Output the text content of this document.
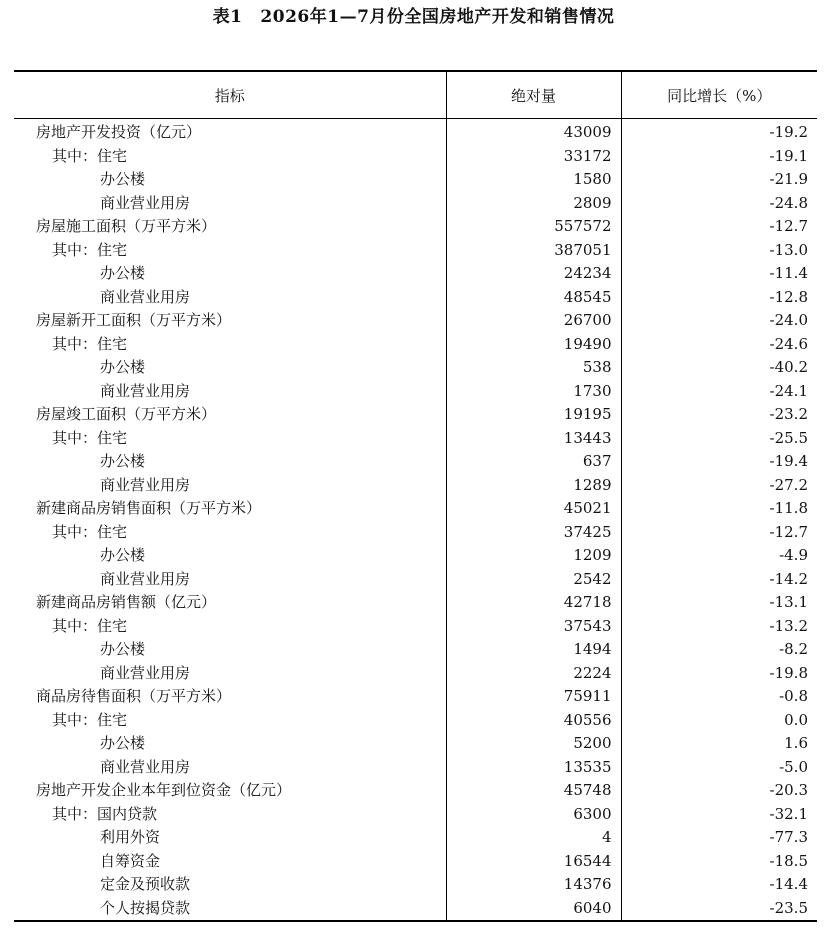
表1 2026年1—7月份全国房地产开发和销售情况
指标	绝对量	同比增长（%）
房地产开发投资（亿元）	43009	-19.2
其中：住宅	33172	-19.1
办公楼	1580	-21.9
商业营业用房	2809	-24.8
房屋施工面积（万平方米）	557572	-12.7
其中：住宅	387051	-13.0
办公楼	24234	-11.4
商业营业用房	48545	-12.8
房屋新开工面积（万平方米）	26700	-24.0
其中：住宅	19490	-24.6
办公楼	538	-40.2
商业营业用房	1730	-24.1
房屋竣工面积（万平方米）	19195	-23.2
其中：住宅	13443	-25.5
办公楼	637	-19.4
商业营业用房	1289	-27.2
新建商品房销售面积（万平方米）	45021	-11.8
其中：住宅	37425	-12.7
办公楼	1209	-4.9
商业营业用房	2542	-14.2
新建商品房销售额（亿元）	42718	-13.1
其中：住宅	37543	-13.2
办公楼	1494	-8.2
商业营业用房	2224	-19.8
商品房待售面积（万平方米）	75911	-0.8
其中：住宅	40556	0.0
办公楼	5200	1.6
商业营业用房	13535	-5.0
房地产开发企业本年到位资金（亿元）	45748	-20.3
其中：国内贷款	6300	-32.1
利用外资	4	-77.3
自筹资金	16544	-18.5
定金及预收款	14376	-14.4
个人按揭贷款	6040	-23.5
